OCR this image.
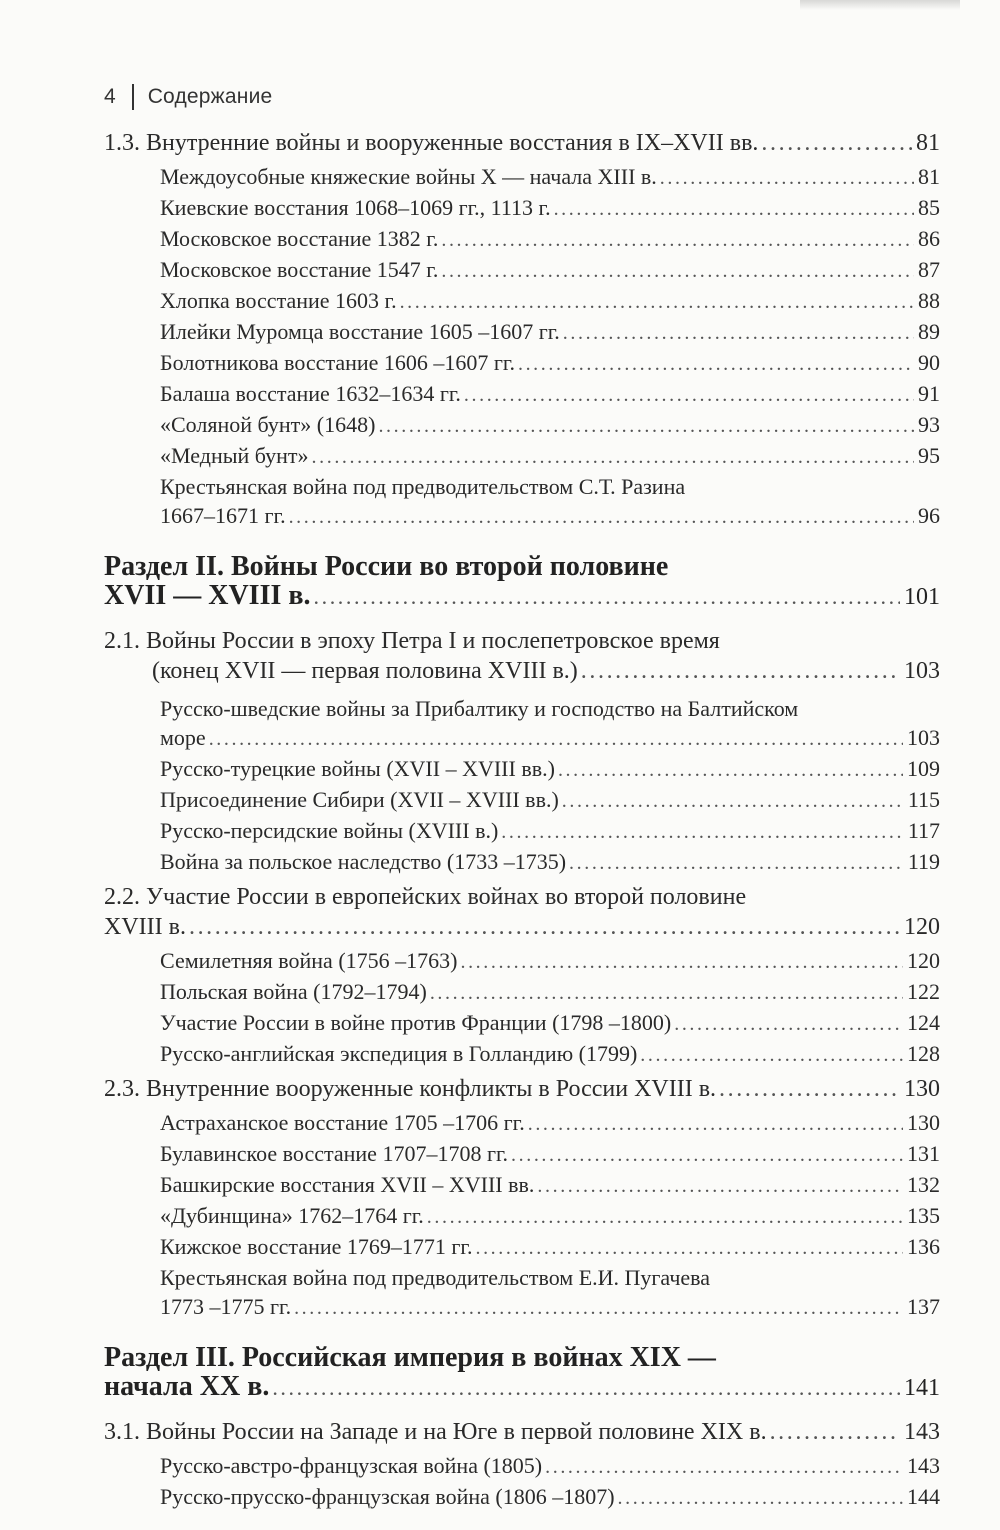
4 Содержание
1.3. Внутренние войны и вооруженные восстания в IX–XVII вв. .....	81
Междоусобные княжеские войны X — начала XIII в. .....	81
Киевские восстания 1068–1069 гг., 1113 г. .....	85
Московское восстание 1382 г. .....	86
Московское восстание 1547 г. .....	87
Хлопка восстание 1603 г. .....	88
Илейки Муромца восстание 1605 –1607 гг. .....	89
Болотникова восстание 1606 –1607 гг. .....	90
Балаша восстание 1632–1634 гг. .....	91
«Соляной бунт» (1648) .....	93
«Медный бунт» .....	95
Крестьянская война под предводительством С.Т. Разина
1667–1671 гг. .....	96
Раздел II. Войны России во второй половине
XVII — XVIII в. .....	101
2.1. Войны России в эпоху Петра I и послепетровское время
(конец XVII — первая половина XVIII в.) .....	103
Русско-шведские войны за Прибалтику и господство на Балтийском
море .....	103
Русско-турецкие войны (XVII – XVIII вв.) .....	109
Присоединение Сибири (XVII – XVIII вв.) .....	115
Русско-персидские войны (XVIII в.) .....	117
Война за польское наследство (1733 –1735) .....	119
2.2. Участие России в европейских войнах во второй половине
XVIII в. .....	120
Семилетняя война (1756 –1763) .....	120
Польская война (1792–1794) .....	122
Участие России в войне против Франции (1798 –1800) .....	124
Русско-английская экспедиция в Голландию (1799) .....	128
2.3. Внутренние вооруженные конфликты в России XVIII в. .....	130
Астраханское восстание 1705 –1706 гг. .....	130
Булавинское восстание 1707–1708 гг. .....	131
Башкирские восстания XVII – XVIII вв. .....	132
«Дубинщина» 1762–1764 гг. .....	135
Кижское восстание 1769–1771 гг. .....	136
Крестьянская война под предводительством Е.И. Пугачева
1773 –1775 гг. .....	137
Раздел III. Российская империя в войнах XIX —
начала XX в. .....	141
3.1. Войны России на Западе и на Юге в первой половине XIX в. .....	143
Русско-австро-французская война (1805) .....	143
Русско-прусско-французская война (1806 –1807) .....	144
